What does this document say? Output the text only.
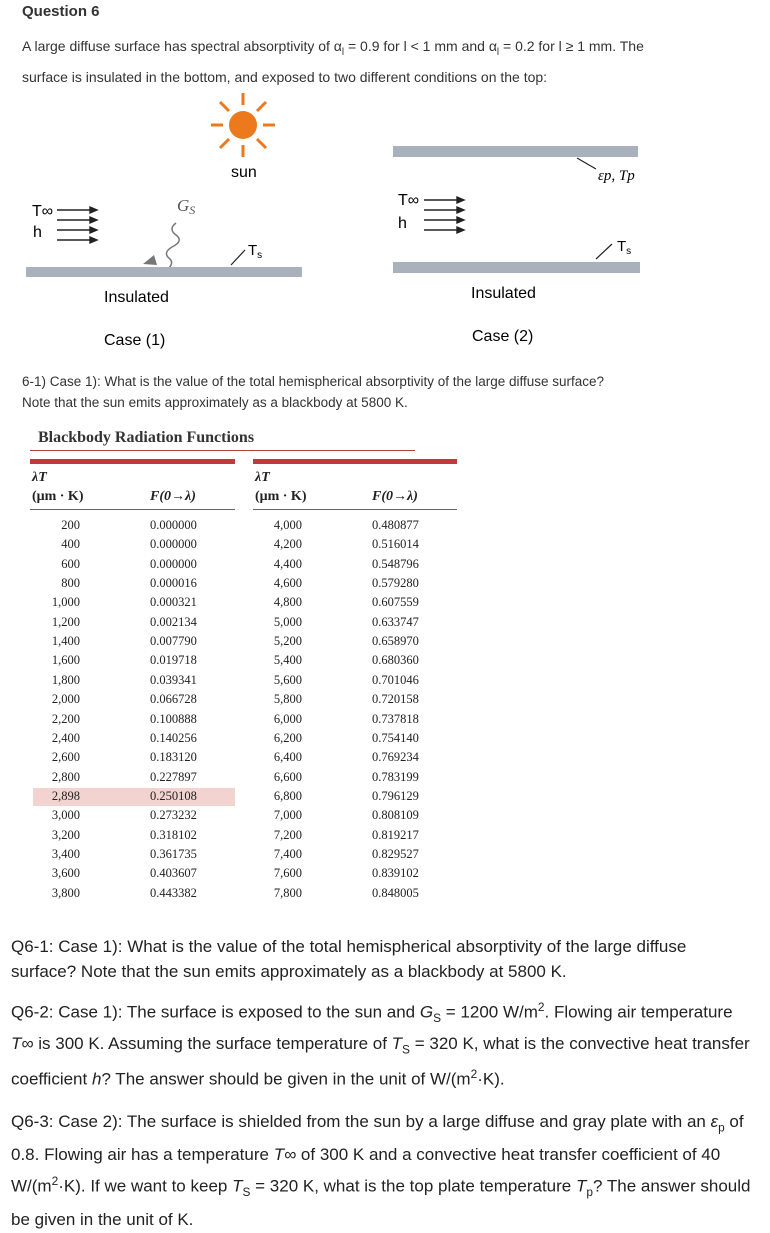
Question 6
A large diffuse surface has spectral absorptivity of $\alpha_l = 0.9$ for l < 1 mm and $\alpha_l = 0.2$ for l ≥ 1 mm. The
surface is insulated in the bottom, and exposed to two different conditions on the top:
sun
T∞
h
GS
$T_s$
Insulated
Case (1)
εp, Tp
T∞
h
$T_s$
Insulated
Case (2)
6-1) Case 1): What is the value of the total hemispherical absorptivity of the large diffuse surface?
Note that the sun emits approximately as a blackbody at 5800 K.
Blackbody Radiation Functions
λT
(μm · K)	F(0→λ)
λT
(μm · K)	F(0→λ)
200	0.000000
400	0.000000
600	0.000000
800	0.000016
1,000	0.000321
1,200	0.002134
1,400	0.007790
1,600	0.019718
1,800	0.039341
2,000	0.066728
2,200	0.100888
2,400	0.140256
2,600	0.183120
2,800	0.227897
2,898	0.250108
3,000	0.273232
3,200	0.318102
3,400	0.361735
3,600	0.403607
3,800	0.443382
4,000	0.480877
4,200	0.516014
4,400	0.548796
4,600	0.579280
4,800	0.607559
5,000	0.633747
5,200	0.658970
5,400	0.680360
5,600	0.701046
5,800	0.720158
6,000	0.737818
6,200	0.754140
6,400	0.769234
6,600	0.783199
6,800	0.796129
7,000	0.808109
7,200	0.819217
7,400	0.829527
7,600	0.839102
7,800	0.848005
Q6-1: Case 1): What is the value of the total hemispherical absorptivity of the large diffuse surface? Note that the sun emits approximately as a blackbody at 5800 K.
Q6-2: Case 1): The surface is exposed to the sun and $G_S = 1200$ $W/m^2$. Flowing air temperature T∞ is 300 K. Assuming the surface temperature of $T_S = 320$ K, what is the convective heat transfer coefficient h? The answer should be given in the unit of $W/(m^2\cdot K)$.
Q6-3: Case 2): The surface is shielded from the sun by a large diffuse and gray plate with an $\varepsilon_p$ of 0.8. Flowing air has a temperature T∞ of 300 K and a convective heat transfer coefficient of 40 $W/(m^2\cdot K)$. If we want to keep $T_S = 320$ K, what is the top plate temperature $T_p$? The answer should be given in the unit of K.
